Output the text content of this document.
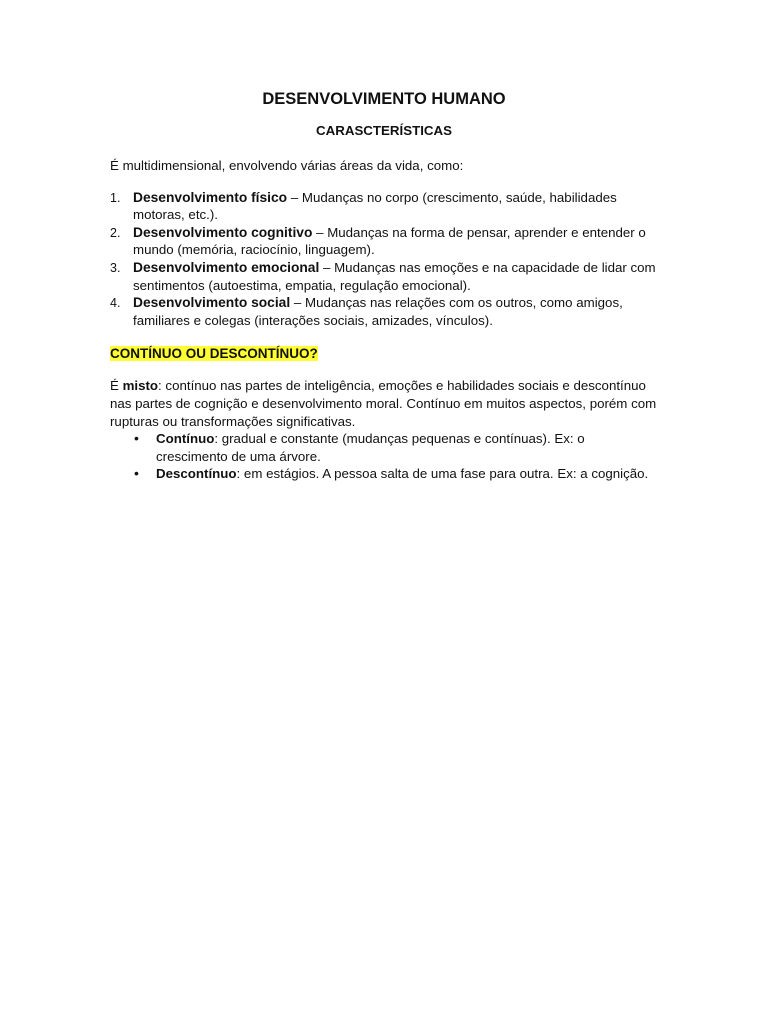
DESENVOLVIMENTO HUMANO
CARASCTERÍSTICAS

É multidimensional, envolvendo várias áreas da vida, como:

1. Desenvolvimento físico – Mudanças no corpo (crescimento, saúde, habilidades motoras, etc.).
2. Desenvolvimento cognitivo – Mudanças na forma de pensar, aprender e entender o mundo (memória, raciocínio, linguagem).
3. Desenvolvimento emocional – Mudanças nas emoções e na capacidade de lidar com sentimentos (autoestima, empatia, regulação emocional).
4. Desenvolvimento social – Mudanças nas relações com os outros, como amigos, familiares e colegas (interações sociais, amizades, vínculos).
CONTÍNUO OU DESCONTÍNUO?

É misto: contínuo nas partes de inteligência, emoções e habilidades sociais e descontínuo nas partes de cognição e desenvolvimento moral. Contínuo em muitos aspectos, porém com rupturas ou transformações significativas.

• Contínuo: gradual e constante (mudanças pequenas e contínuas). Ex: o crescimento de uma árvore.
• Descontínuo: em estágios. A pessoa salta de uma fase para outra. Ex: a cognição.
